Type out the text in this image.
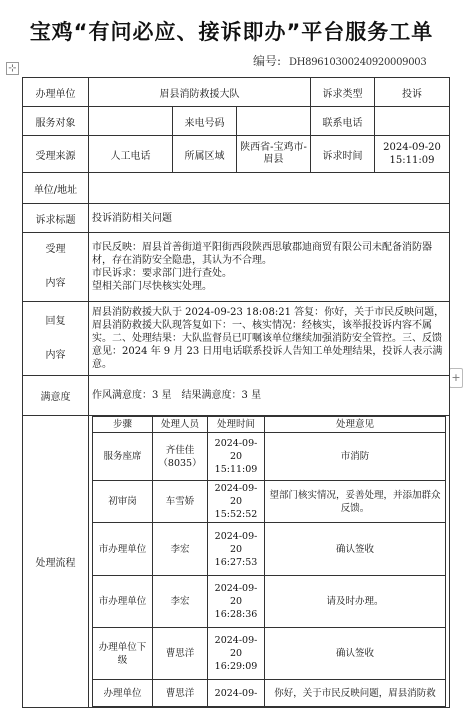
宝鸡“有问必应、接诉即办”平台服务工单
编号: DH89610300240920009003
⊹
+
办理单位	眉县消防救援大队	诉求类型	投诉
服务对象		来电号码		联系电话	
受理来源	人工电话	所属区域	陕西省-宝鸡市-眉县	诉求时间	2024-09-20 15:11:09
单位/地址	
诉求标题	投诉消防相关问题

受理
内容

市民反映：眉县首善街道平阳街西段陕西思敏郡迪商贸有限公司未配备消防器材，存在消防安全隐患，其认为不合理。
市民诉求：要求部门进行查处。
望相关部门尽快核实处理。

回复
内容
	眉县消防救援大队于 2024-09-23 18:08:21 答复：你好，关于市民反映问题，眉县消防救援大队现答复如下：一、核实情况：经核实，该举报投诉内容不属实。二、处理结果：大队监督员已叮嘱该单位继续加强消防安全管控。三、反馈意见：2024 年 9 月 23 日用电话联系投诉人告知工单处理结果，投诉人表示满意。
满意度	作风满意度：3 星　结果满意度：3 星
处理流程	
步骤	处理人员	处理时间	处理意见
服务座席	齐佳佳（8035）	2024-09-20 15:11:09	市消防
初审岗	车雪娇	2024-09-20 15:52:52	望部门核实情况，妥善处理，并添加群众反馈。
市办理单位	李宏	2024-09-20 16:27:53	确认签收
市办理单位	李宏	2024-09-20 16:28:36	请及时办理。
办理单位下级	曹思洋	2024-09-20 16:29:09	确认签收
办理单位	曹思洋	2024-09-	你好，关于市民反映问题，眉县消防救
